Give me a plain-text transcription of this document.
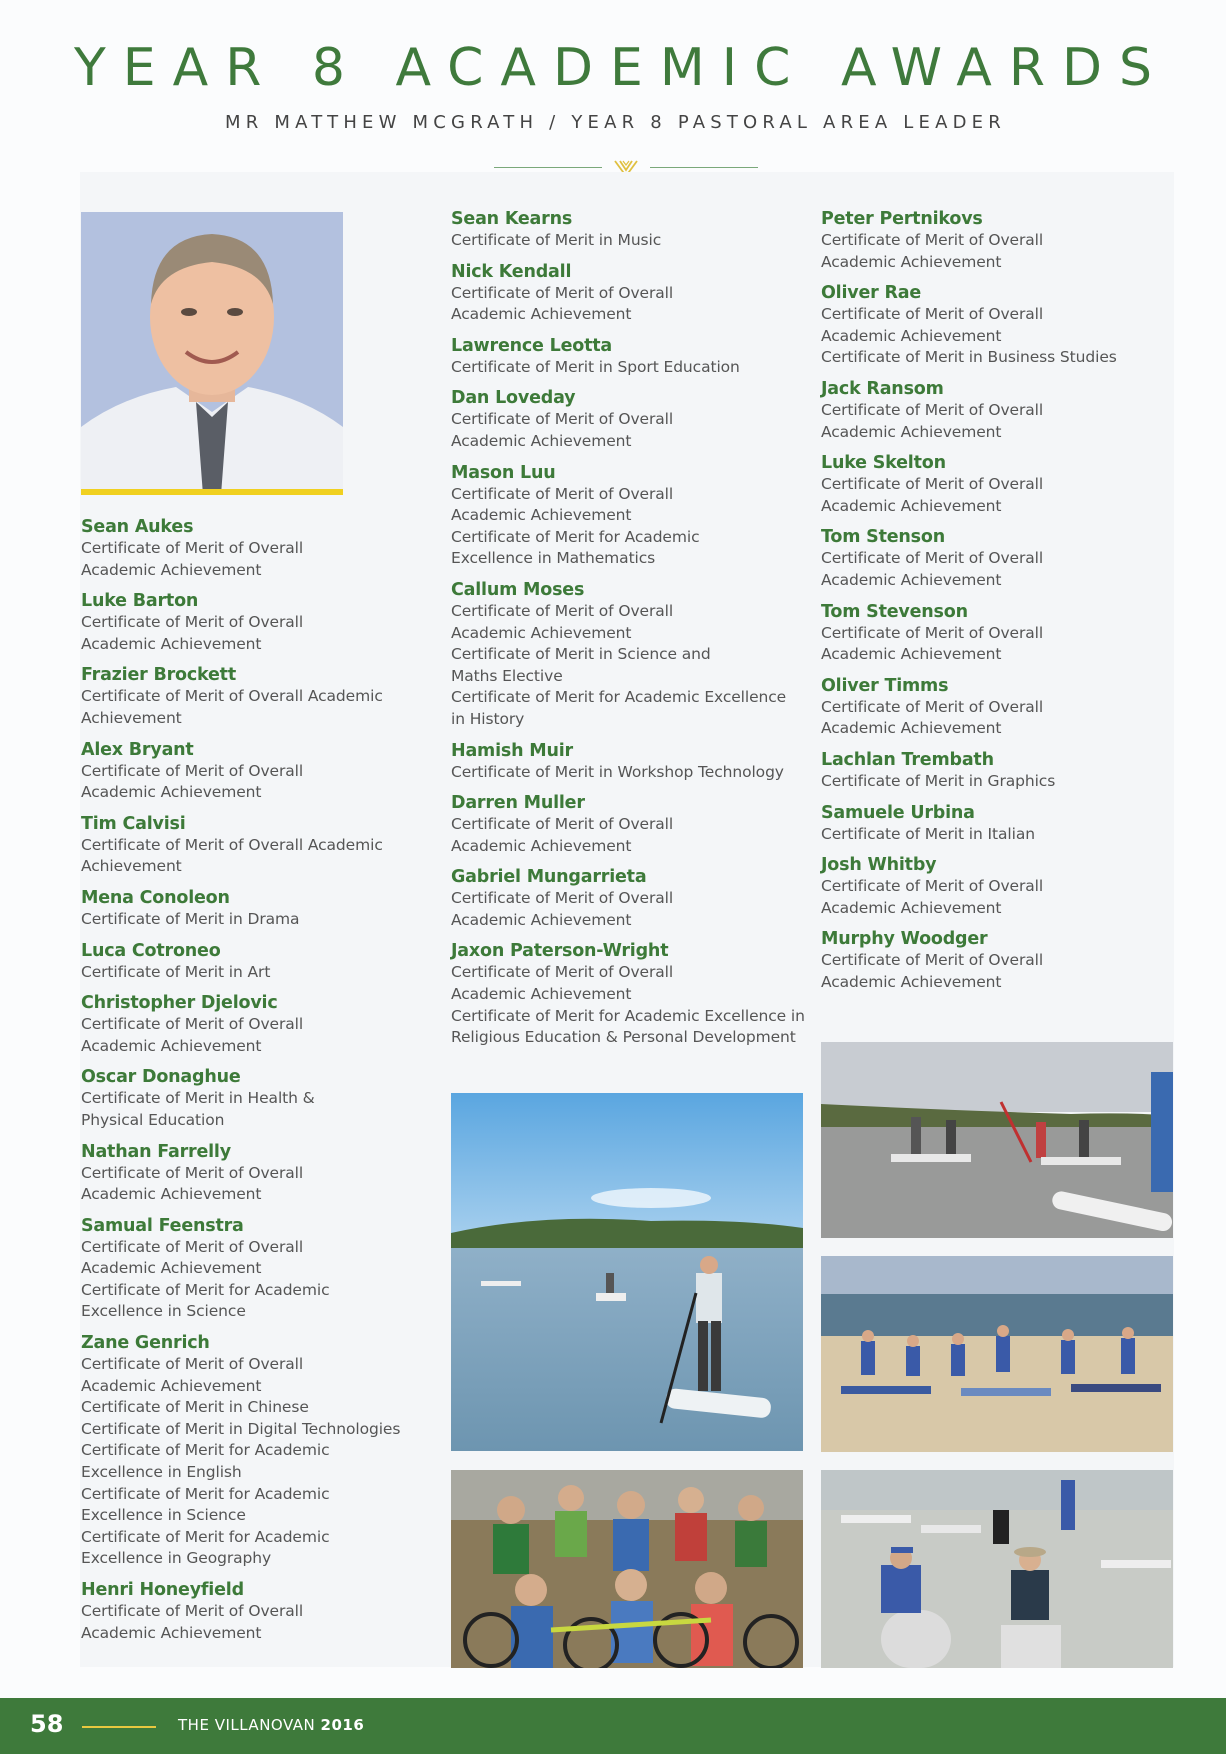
YEAR 8 ACADEMIC AWARDS
MR MATTHEW MCGRATH / YEAR 8 PASTORAL AREA LEADER
Sean Aukes
Certificate of Merit of Overall
Academic Achievement
Luke Barton
Certificate of Merit of Overall
Academic Achievement
Frazier Brockett
Certificate of Merit of Overall Academic
Achievement
Alex Bryant
Certificate of Merit of Overall
Academic Achievement
Tim Calvisi
Certificate of Merit of Overall Academic
Achievement
Mena Conoleon
Certificate of Merit in Drama
Luca Cotroneo
Certificate of Merit in Art
Christopher Djelovic
Certificate of Merit of Overall
Academic Achievement
Oscar Donaghue
Certificate of Merit in Health &
Physical Education
Nathan Farrelly
Certificate of Merit of Overall
Academic Achievement
Samual Feenstra
Certificate of Merit of Overall
Academic Achievement
Certificate of Merit for Academic
Excellence in Science
Zane Genrich
Certificate of Merit of Overall
Academic Achievement
Certificate of Merit in Chinese
Certificate of Merit in Digital Technologies
Certificate of Merit for Academic
Excellence in English
Certificate of Merit for Academic
Excellence in Science
Certificate of Merit for Academic
Excellence in Geography
Henri Honeyfield
Certificate of Merit of Overall
Academic Achievement
Sean Kearns
Certificate of Merit in Music
Nick Kendall
Certificate of Merit of Overall
Academic Achievement
Lawrence Leotta
Certificate of Merit in Sport Education
Dan Loveday
Certificate of Merit of Overall
Academic Achievement
Mason Luu
Certificate of Merit of Overall
Academic Achievement
Certificate of Merit for Academic
Excellence in Mathematics
Callum Moses
Certificate of Merit of Overall
Academic Achievement
Certificate of Merit in Science and
Maths Elective
Certificate of Merit for Academic Excellence
in History
Hamish Muir
Certificate of Merit in Workshop Technology
Darren Muller
Certificate of Merit of Overall
Academic Achievement
Gabriel Mungarrieta
Certificate of Merit of Overall
Academic Achievement
Jaxon Paterson-Wright
Certificate of Merit of Overall
Academic Achievement
Certificate of Merit for Academic Excellence in
Religious Education & Personal Development
Peter Pertnikovs
Certificate of Merit of Overall
Academic Achievement
Oliver Rae
Certificate of Merit of Overall
Academic Achievement
Certificate of Merit in Business Studies
Jack Ransom
Certificate of Merit of Overall
Academic Achievement
Luke Skelton
Certificate of Merit of Overall
Academic Achievement
Tom Stenson
Certificate of Merit of Overall
Academic Achievement
Tom Stevenson
Certificate of Merit of Overall
Academic Achievement
Oliver Timms
Certificate of Merit of Overall
Academic Achievement
Lachlan Trembath
Certificate of Merit in Graphics
Samuele Urbina
Certificate of Merit in Italian
Josh Whitby
Certificate of Merit of Overall
Academic Achievement
Murphy Woodger
Certificate of Merit of Overall
Academic Achievement
58	THE VILLANOVAN 2016
